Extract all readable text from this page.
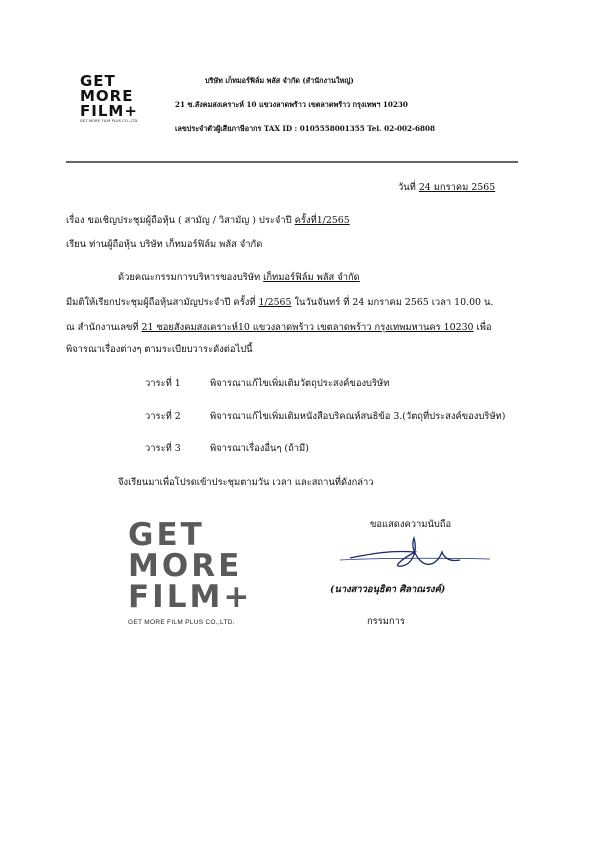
GET
MORE
FILM+
GET MORE FILM PLUS CO.,LTD.
บริษัท เก็ทมอร์ฟิล์ม พลัส จำกัด (สำนักงานใหญ่)
21 ซ.สังคมสงเคราะห์ 10 แขวงลาดพร้าว เขตลาดพร้าว กรุงเทพฯ 10230
เลขประจำตัวผู้เสียภาษีอากร TAX ID : 0105558001355 Tel. 02-002-6808
วันที่ 24 มกราคม 2565
เรื่อง ขอเชิญประชุมผู้ถือหุ้น ( สามัญ / วิสามัญ ) ประจำปี ครั้งที่1/2565
เรียน ท่านผู้ถือหุ้น บริษัท เก็ทมอร์ฟิล์ม พลัส จำกัด
ด้วยคณะกรรมการบริหารของบริษัท เก็ทมอร์ฟิล์ม พลัส จำกัด
มีมติให้เรียกประชุมผู้ถือหุ้นสามัญประจำปี ครั้งที่ 1/2565 ในวันจันทร์ ที่ 24 มกราคม 2565 เวลา 10.00 น.
ณ สำนักงานเลขที่ 21 ซอยสังคมสงเคราะห์10 แขวงลาดพร้าว เขตลาดพร้าว กรุงเทพมหานคร 10230 เพื่อ
พิจารณาเรื่องต่างๆ ตามระเบียบวาระดังต่อไปนี้
วาระที่ 1	พิจารณาแก้ไขเพิ่มเติมวัตถุประสงค์ของบริษัท
วาระที่ 2	พิจารณาแก้ไขเพิ่มเติมหนังสือบริคณห์สนธิข้อ 3.(วัตถุที่ประสงค์ของบริษัท)
วาระที่ 3	พิจารณาเรื่องอื่นๆ (ถ้ามี)
จึงเรียนมาเพื่อโปรดเข้าประชุมตามวัน เวลา และสถานที่ดังกล่าว
ขอแสดงความนับถือ
(นางสาวอนุธิดา ศิลาณรงค์)
กรรมการ
GET
MORE
FILM+
GET MORE FILM PLUS CO.,LTD.
